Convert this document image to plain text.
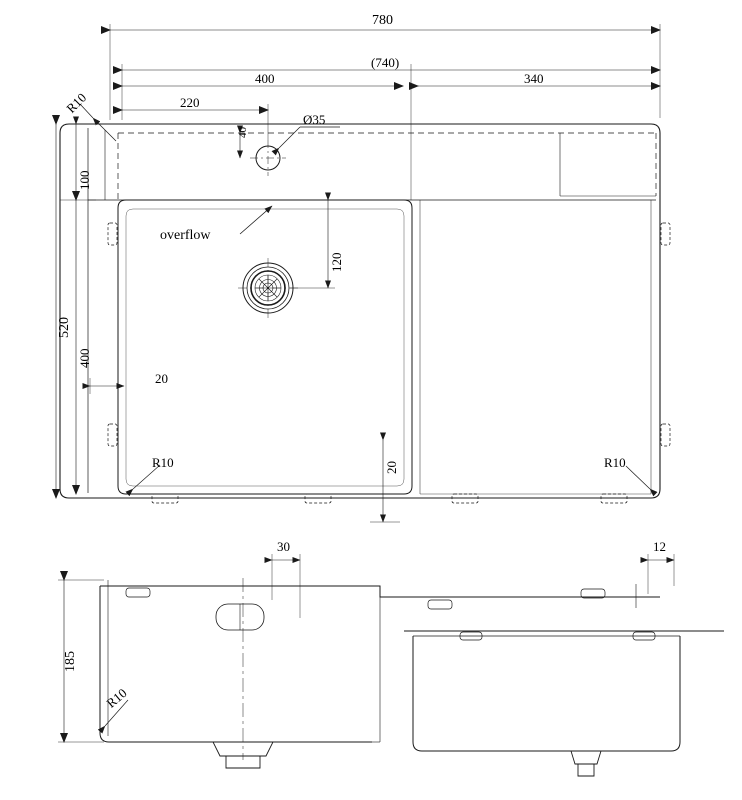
780
(740)
400	340
220
Ø35
40
R10
100
520
400
120
overflow
20
20
R10	R10
30	12
185
R10
